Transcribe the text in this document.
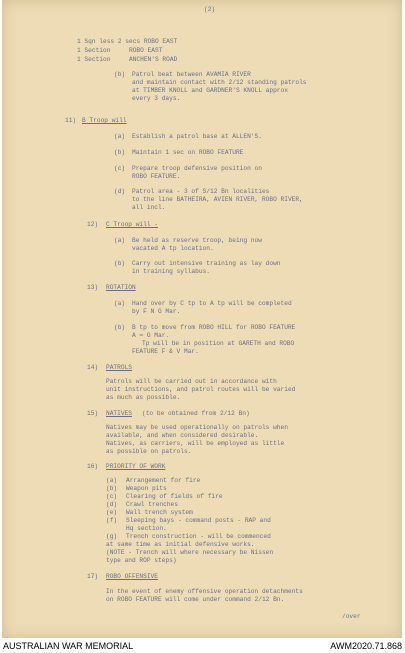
(2)
1 Sqn less 2 secs ROBO EAST
1 Section     ROBO EAST
1 Section     ANCHEN'S ROAD
(b) Patrol beat between AVAMIA RIVER
and maintain contact with 2/12 standing patrols
at TIMBER KNOLL and GARDNER'S KNOLL approx
every 3 days.
11) B Troop will
(a) Establish a patrol base at ALLEN'S.
(b) Maintain 1 sec on ROBO FEATURE
(c) Prepare troop defensive position on
ROBO FEATURE.
(d) Patrol area - 3 of S/12 Bn localities
to the line BATHEIRA, AVIEN RIVER, ROBO RIVER,
all incl.
12) C Troop will -
(a) Be held as reserve troop, being now
vacated A tp location.
(b) Carry out intensive training as lay down
in training syllabus.
13) ROTATION
(a) Hand over by C tp to A tp will be completed
by F N G Mar.
(b) B tp to move from ROBO HILL for ROBO FEATURE
A = G Mar.
Tp will be in position at GARETH and ROBO
FEATURE F & V Mar.
14) PATROLS
Patrols will be carried out in accordance with
unit instructions, and patrol routes will be varied
as much as possible.
15) NATIVES (to be obtained from 2/12 Bn)
Natives may be used operationally on patrols when
available, and when considered desirable.
Natives, as carriers, will be employed as little
as possible on patrols.
16) PRIORITY OF WORK
(a) Arrangement for fire
(b) Weapon pits
(c) Clearing of fields of fire
(d) Crawl trenches
(e) Wall trench system
(f) Sleeping bays - command posts - RAP and
Hq section.
(g) Trench construction - will be commenced
at same time as initial defensive works.
(NOTE - Trench will where necessary be Nissen
type and ROP steps)
17) ROBO OFFENSIVE
In the event of enemy offensive operation detachments
on ROBO FEATURE will come under command 2/12 Bn.
/over
AUSTRALIAN WAR MEMORIAL	AWM2020.71.868
